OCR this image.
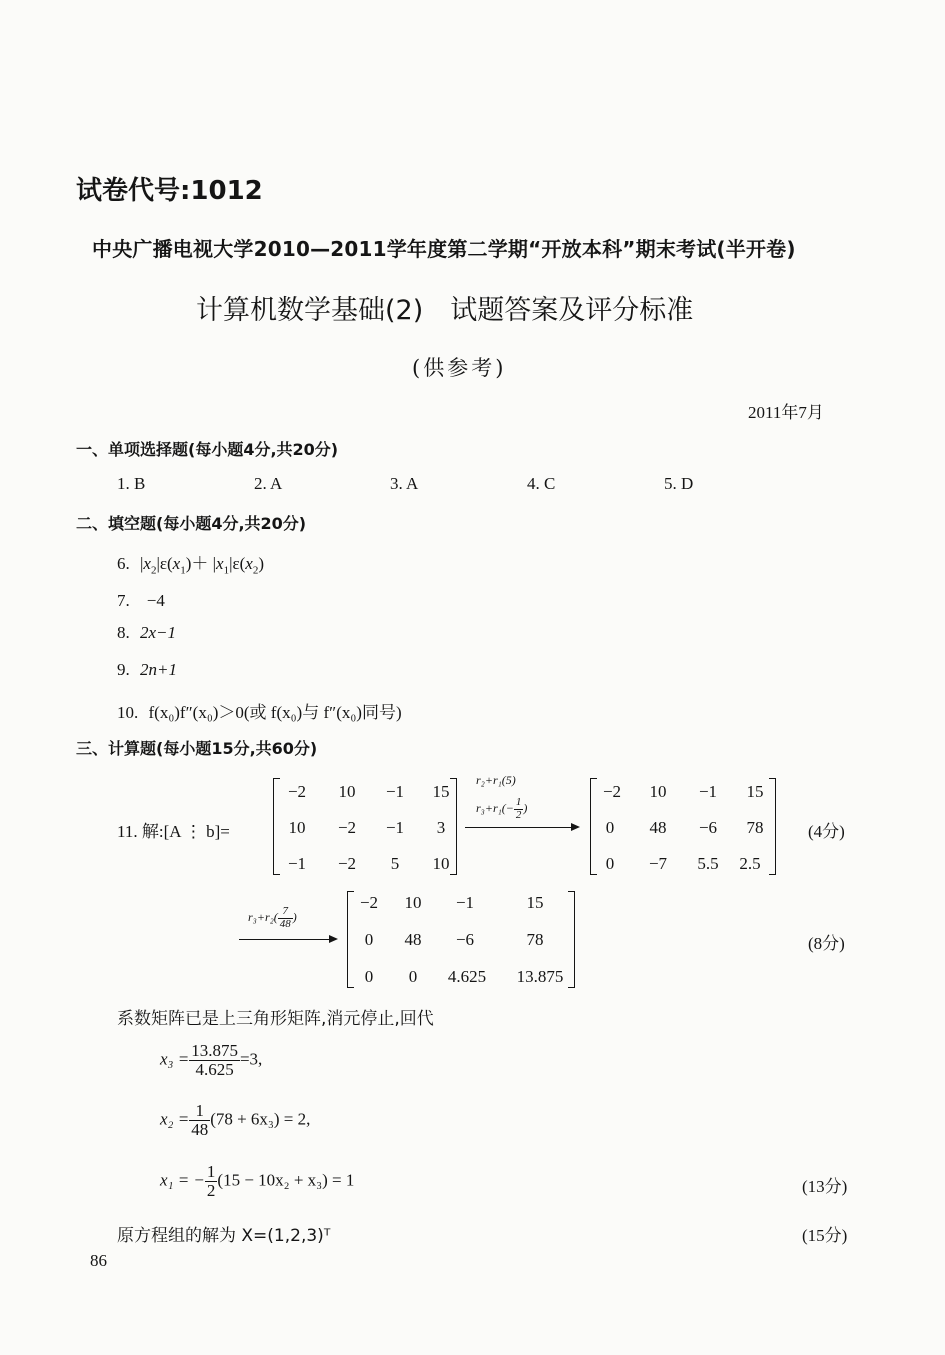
试卷代号:1012
中央广播电视大学2010—2011学年度第二学期“开放本科”期末考试(半开卷)
计算机数学基础(2)　试题答案及评分标准
(供参考)
2011年7月
一、单项选择题(每小题4分,共20分)
1. B	2. A	3. A	4. C	5. D
二、填空题(每小题4分,共20分)
6. $|x_2|\varepsilon(x_1)+ |x_1|\varepsilon(x_2)$
7.　−4
8. 2x−1
9. 2n+1
10. f(x₀)f″(x₀)＞0(或 f(x₀)与 f″(x₀)同号)
三、计算题(每小题15分,共60分)
11. 解:[A ⋮ b]=
−2	10	−1	15
10	−2	−1	3
−1	−2	5	10
r₂+r₁(5)
$r_3+r_1(- \frac{1}{2}$ )
−2	10	−1	15
0	48	−6	78
0	−7	5.5	2.5
(4分)
$r_3+r_2( \frac{7}{48}$ )
−2	10	−1	15
0	48	−6	78
0	0	4.625	13.875
(8分)
系数矩阵已是上三角形矩阵,消元停止,回代
$x_3 = \frac{13.875}{4.625} =3$,
$x_2 = \frac{1}{48} (78 + 6x_3) = 2$,
x₁ = − $\frac{1}{2} (15 - 10x_2 + x_3) = 1$	(13分)
原方程组的解为 X=(1,2,3)ᵀ	(15分)
86
